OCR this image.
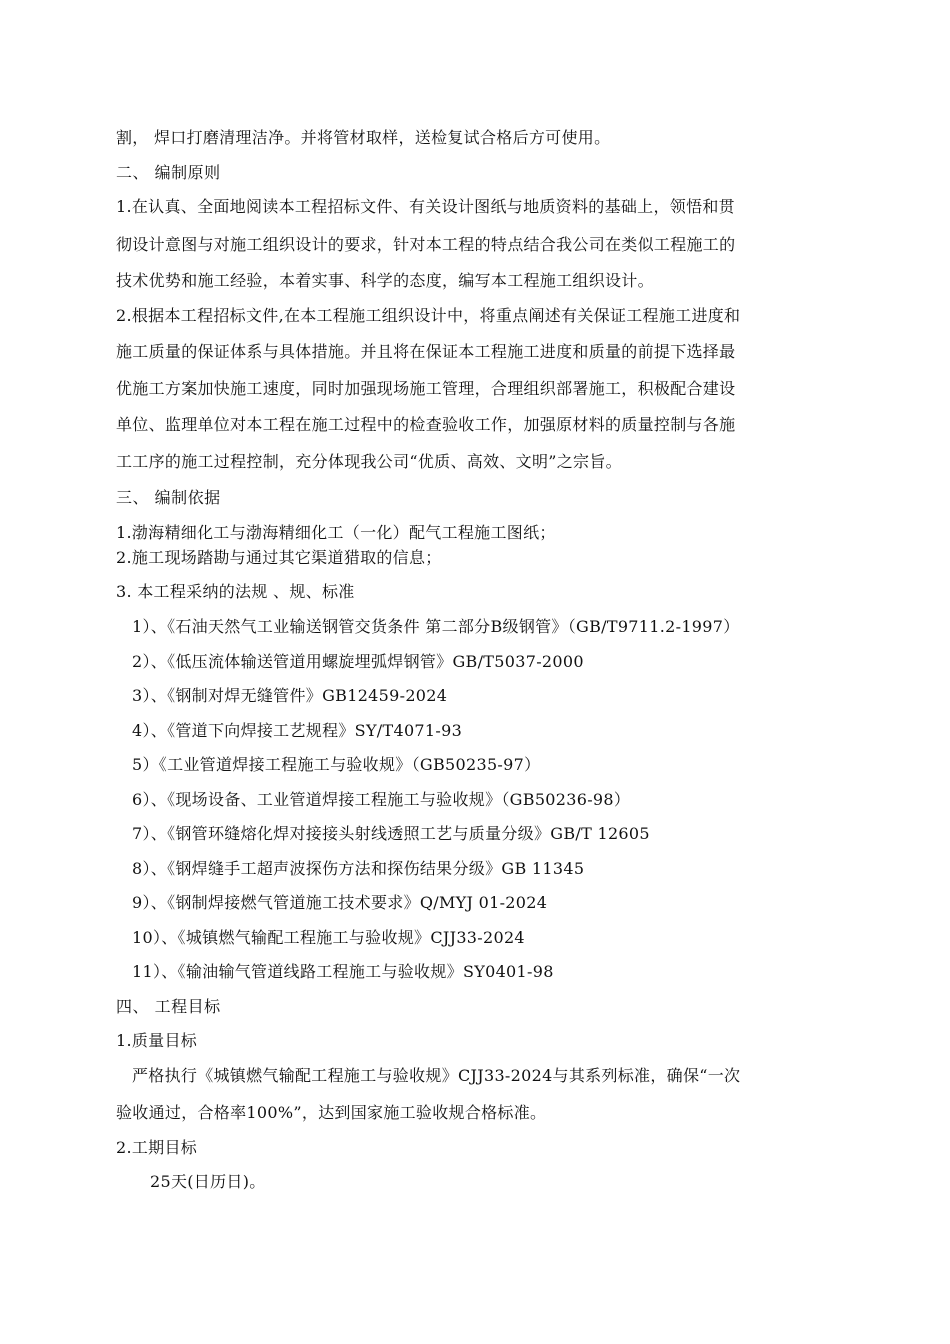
割， 焊口打磨清理洁净。并将管材取样，送检复试合格后方可使用。
二、 编制原则
1.在认真、全面地阅读本工程招标文件、有关设计图纸与地质资料的基础上，领悟和贯
彻设计意图与对施工组织设计的要求，针对本工程的特点结合我公司在类似工程施工的
技术优势和施工经验，本着实事、科学的态度，编写本工程施工组织设计。
2.根据本工程招标文件,在本工程施工组织设计中，将重点阐述有关保证工程施工进度和
施工质量的保证体系与具体措施。并且将在保证本工程施工进度和质量的前提下选择最
优施工方案加快施工速度，同时加强现场施工管理，合理组织部署施工，积极配合建设
单位、监理单位对本工程在施工过程中的检查验收工作，加强原材料的质量控制与各施
工工序的施工过程控制，充分体现我公司“优质、高效、文明”之宗旨。
三、 编制依据
1.渤海精细化工与渤海精细化工（一化）配气工程施工图纸；
2.施工现场踏勘与通过其它渠道猎取的信息；
3. 本工程采纳的法规 、规、标准
1）、《石油天然气工业输送钢管交货条件 第二部分B级钢管》（GB/T9711.2-1997）
2）、《低压流体输送管道用螺旋埋弧焊钢管》GB/T5037-2000
3）、《钢制对焊无缝管件》GB12459-2024
4）、《管道下向焊接工艺规程》SY/T4071-93
5）《工业管道焊接工程施工与验收规》（GB50235-97）
6）、《现场设备、工业管道焊接工程施工与验收规》（GB50236-98）
7）、《钢管环缝熔化焊对接接头射线透照工艺与质量分级》GB/T 12605
8）、《钢焊缝手工超声波探伤方法和探伤结果分级》GB 11345
9）、《钢制焊接燃气管道施工技术要求》Q/MYJ 01-2024
10）、《城镇燃气输配工程施工与验收规》CJJ33-2024
11）、《输油输气管道线路工程施工与验收规》SY0401-98
四、 工程目标
1.质量目标
严格执行《城镇燃气输配工程施工与验收规》CJJ33-2024与其系列标准，确保“一次
验收通过，合格率100%”，达到国家施工验收规合格标准。
2.工期目标
25天(日历日)。
